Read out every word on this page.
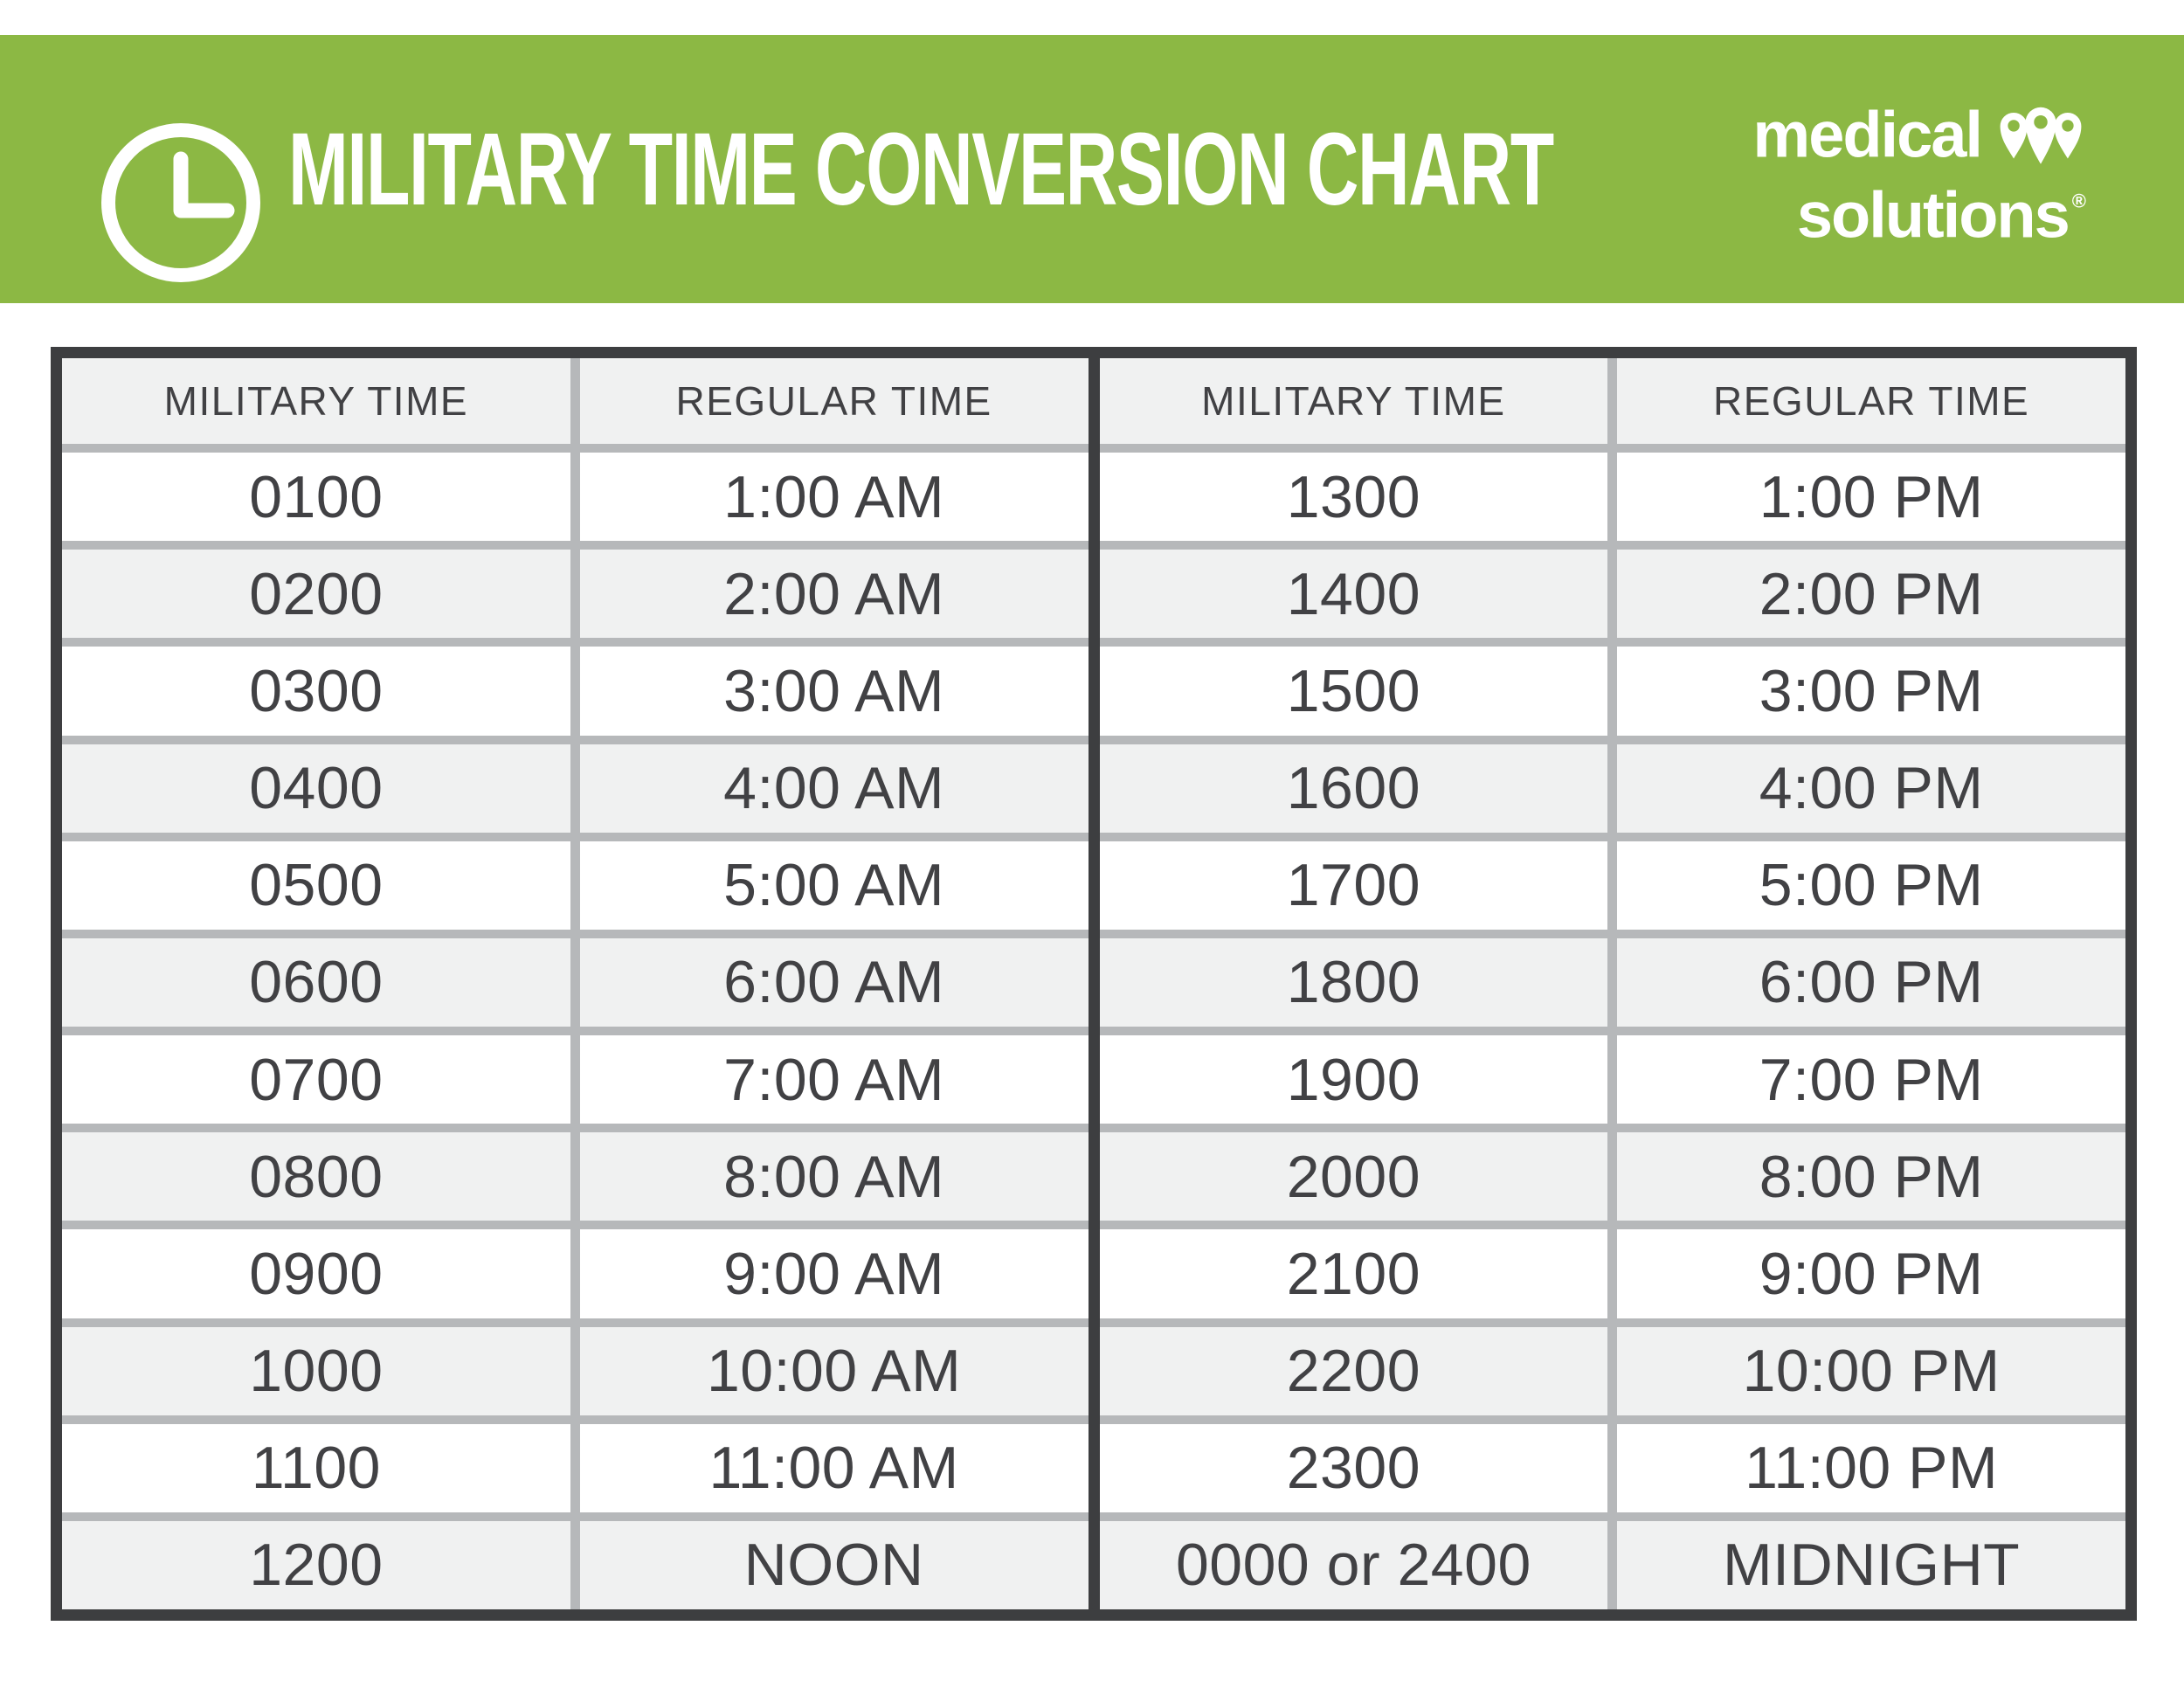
MILITARY TIME CONVERSION CHART	medical
solutions ®
MILITARY TIME	REGULAR TIME
0100	1:00 AM
0200	2:00 AM
0300	3:00 AM
0400	4:00 AM
0500	5:00 AM
0600	6:00 AM
0700	7:00 AM
0800	8:00 AM
0900	9:00 AM
1000	10:00 AM
1100	11:00 AM
1200	NOON
MILITARY TIME	REGULAR TIME
1300	1:00 PM
1400	2:00 PM
1500	3:00 PM
1600	4:00 PM
1700	5:00 PM
1800	6:00 PM
1900	7:00 PM
2000	8:00 PM
2100	9:00 PM
2200	10:00 PM
2300	11:00 PM
0000 or 2400	MIDNIGHT
